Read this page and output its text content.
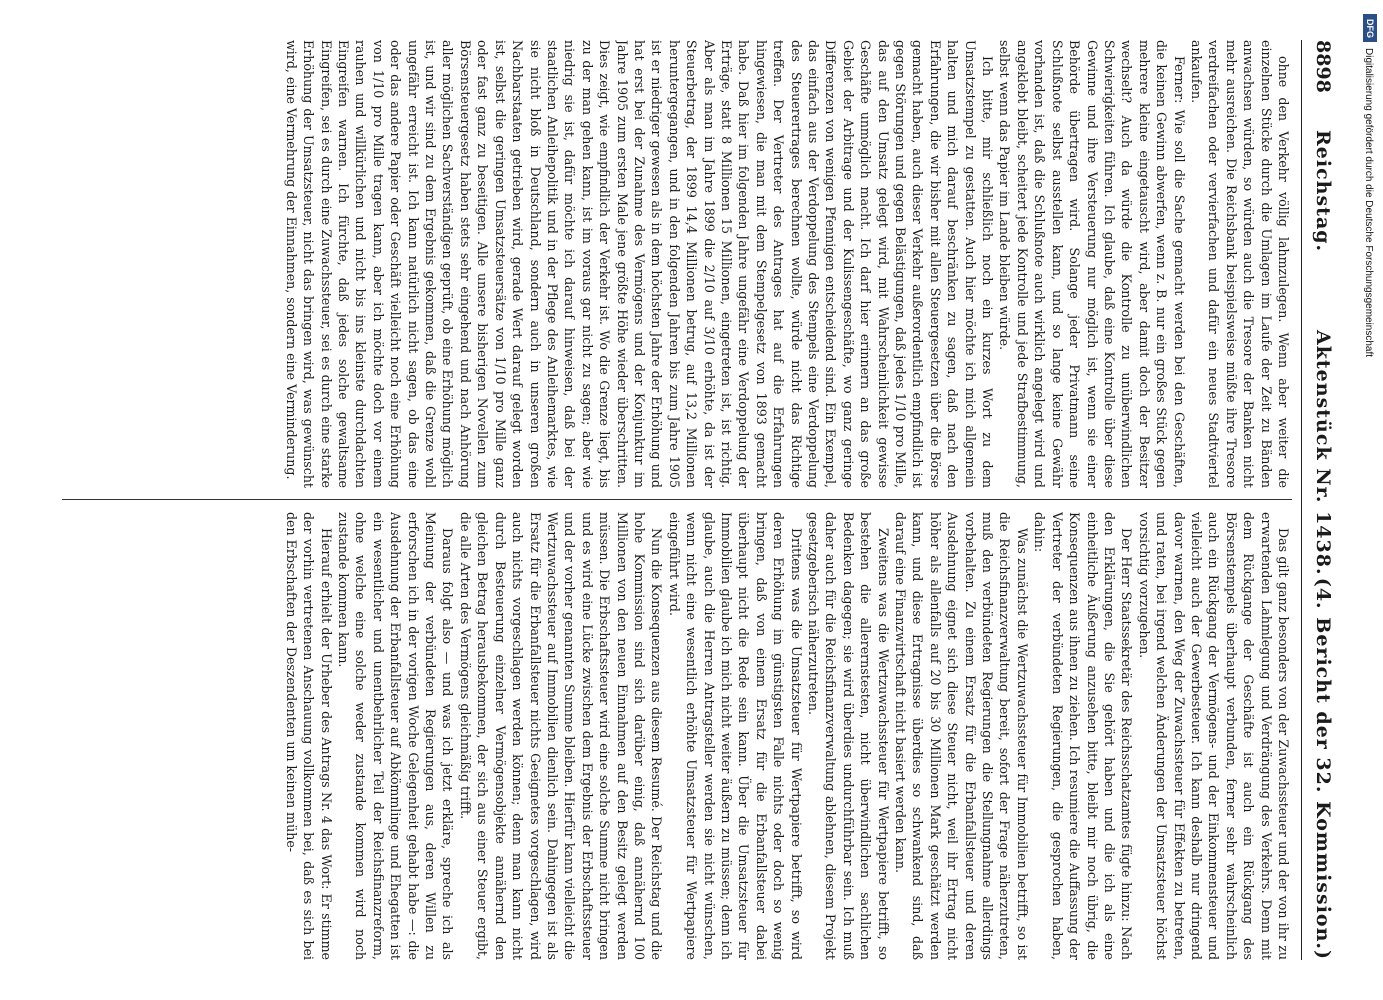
8898
Reichstag.
Aktenstück Nr. 1438.
(4. Bericht der 32. Kommission.)

ohne den Verkehr völlig lahmzulegen. Wenn aber weiter die einzelnen Stücke durch die Umlagen im Laufe der Zeit zu Bänden anwachsen würden, so würden auch die Tresore der Banken nicht mehr ausreichen. Die Reichsbank beispielsweise müßte ihre Tresore verdreifachen oder vervierfachen und dafür ein neues Stadtviertel ankaufen.

Ferner: Wie soll die Sache gemacht werden bei den Geschäften, die keinen Gewinn abwerfen, wenn z. B. nur ein großes Stück gegen mehrere kleine eingetauscht wird, aber damit doch der Besitzer wechselt? Auch da würde die Kontrolle zu unüberwindlichen Schwierigkeiten führen. Ich glaube, daß eine Kontrolle über diese Gewinne und ihre Versteuerung nur möglich ist, wenn sie einer Behörde übertragen wird. Solange jeder Privatmann seine Schlußnote selbst ausstellen kann, und so lange keine Gewähr vorhanden ist, daß die Schlußnote auch wirklich angelegt wird und angeklebt bleibt, scheitert jede Kontrolle und jede Strafbestimmung, selbst wenn das Papier im Lande bleiben würde.

Ich bitte, mir schließlich noch ein kurzes Wort zu dem Umsatzstempel zu gestatten. Auch hier möchte ich mich allgemein halten und mich darauf beschränken zu sagen, daß nach den Erfahrungen, die wir bisher mit allen Steuergesetzen über die Börse gemacht haben, auch dieser Verkehr außerordentlich empfindlich ist gegen Störungen und gegen Belästigungen, daß jedes 1/10 pro Mille, das auf den Umsatz gelegt wird, mit Wahrscheinlichkeit gewisse Geschäfte unmöglich macht. Ich darf hier erinnern an das große Gebiet der Arbitrage und der Kulissengeschäfte, wo ganz geringe Differenzen von wenigen Pfennigen entscheidend sind. Ein Exempel, das einfach aus der Verdoppelung des Stempels eine Verdoppelung des Steuerertrages berechnen wollte, würde nicht das Richtige treffen. Der Vertreter des Antrages hat auf die Erfahrungen hingewiesen, die man mit dem Stempelgesetz von 1893 gemacht habe. Daß hier im folgenden Jahre ungefähr eine Verdoppelung der Erträge, statt 8 Millionen 15 Millionen, eingetreten ist, ist richtig. Aber als man im Jahre 1899 die 2/10 auf 3/10 erhöhte, da ist der Steuerbetrag, der 1899 14,4 Millionen betrug, auf 13,2 Millionen heruntergegangen, und in den folgenden Jahren bis zum Jahre 1905 ist er niedriger gewesen als in dem höchsten Jahre der Erhöhung und hat erst bei der Zunahme des Vermögens und der Konjunktur im Jahre 1905 zum ersten Male jene größte Höhe wieder überschritten. Dies zeigt, wie empfindlich der Verkehr ist. Wo die Grenze liegt, bis zu der man gehen kann, ist im voraus gar nicht zu sagen; aber wie niedrig sie ist, dafür möchte ich darauf hinweisen, daß bei der staatlichen Anleihepolitik und in der Pflege des Anleihemarktes, wie sie nicht bloß in Deutschland, sondern auch in unseren großen Nachbarstaaten getrieben wird, gerade Wert darauf gelegt worden ist, selbst die geringen Umsatzsteuersätze von 1/10 pro Mille ganz oder fast ganz zu beseitigen. Alle unsere bisherigen Novellen zum Börsensteuergesetz haben stets sehr eingehend und nach Anhörung aller möglichen Sachverständigen geprüft, ob eine Erhöhung möglich ist, und wir sind zu dem Ergebnis gekommen, daß die Grenze wohl ungefähr erreicht ist. Ich kann natürlich nicht sagen, ob das eine oder das andere Papier oder Geschäft vielleicht noch eine Erhöhung von 1/10 pro Mille tragen kann, aber ich möchte doch vor einem rauhen und willkürlichen und nicht bis ins kleinste durchdachten Eingreifen warnen. Ich fürchte, daß jedes solche gewaltsame Eingreifen, sei es durch eine Zuwachssteuer, sei es durch eine starke Erhöhung der Umsatzsteuer, nicht das bringen wird, was gewünscht wird, eine Vermehrung der Einnahmen, sondern eine Verminderung.

Das gilt ganz besonders von der Zuwachssteuer und der von ihr zu erwartenden Lahmlegung und Verdrängung des Verkehrs. Denn mit dem Rückgange der Geschäfte ist auch ein Rückgang des Börsenstempels überhaupt verbunden, ferner sehr wahrscheinlich auch ein Rückgang der Vermögens- und der Einkommensteuer und vielleicht auch der Gewerbesteuer. Ich kann deshalb nur dringend davor warnen, den Weg der Zuwachssteuer für Effekten zu betreten, und raten, bei irgend welchen Änderungen der Umsatzsteuer höchst vorsichtig vorzugehen.

Der Herr Staatssekretär des Reichsschatzamtes fügte hinzu: Nach den Erklärungen, die Sie gehört haben und die ich als eine einheitliche Äußerung anzusehen bitte, bleibt mir noch übrig, die Konsequenzen aus ihnen zu ziehen. Ich resumiere die Auffassung der Vertreter der verbündeten Regierungen, die gesprochen haben, dahin:

Was zunächst die Wertzuwachssteuer für Immobilien betrifft, so ist die Reichsfinanzverwaltung bereit, sofort der Frage näherzutreten, muß den verbündeten Regierungen die Stellungnahme allerdings vorbehalten. Zu einem Ersatz für die Erbanfallsteuer und deren Ausdehnung eignet sich diese Steuer nicht, weil ihr Ertrag nicht höher als allenfalls auf 20 bis 30 Millionen Mark geschätzt werden kann, und diese Ertragnisse überdies so schwankend sind, daß darauf eine Finanzwirtschaft nicht basiert werden kann.

Zweitens was die Wertzuwachssteuer für Wertpapiere betrifft, so bestehen die allerernstesten, nicht überwindlichen sachlichen Bedenken dagegen; sie wird überdies undurchführbar sein. Ich muß daher auch für die Reichsfinanzverwaltung ablehnen, diesem Projekt gesetzgeberisch näherzutreten.

Drittens was die Umsatzsteuer für Wertpapiere betrifft, so wird deren Erhöhung im günstigsten Falle nichts oder doch so wenig bringen, daß von einem Ersatz für die Erbanfallsteuer dabei überhaupt nicht die Rede sein kann. Über die Umsatzsteuer für Immobilien glaube ich mich nicht weiter äußern zu müssen; denn ich glaube, auch die Herren Antragsteller werden sie nicht wünschen, wenn nicht eine wesentlich erhöhte Umsatzsteuer für Wertpapiere eingeführt wird.

Nun die Konsequenzen aus diesem Resumé. Der Reichstag und die hohe Kommission sind sich darüber einig, daß annähernd 100 Millionen von den neuen Einnahmen auf den Besitz gelegt werden müssen. Die Erbschaftssteuer wird eine solche Summe nicht bringen und es wird eine Lücke zwischen dem Ergebnis der Erbschaftssteuer und der vorher genannten Summe bleiben. Hierfür kann vielleicht die Wertzuwachssteuer auf Immobilien dienlich sein. Dahingegen ist als Ersatz für die Erbanfallsteuer nichts Geeignetes vorgeschlagen, wird auch nichts vorgeschlagen werden können; denn man kann nicht durch Besteuerung einzelner Vermögensobjekte annähernd den gleichen Betrag herausbekommen, der sich aus einer Steuer ergibt, die alle Arten des Vermögens gleichmäßig trifft.

Daraus folgt also — und was ich jetzt erkläre, spreche ich als Meinung der verbündeten Regierungen aus, deren Willen zu erforschen ich in der vorigen Woche Gelegenheit gehabt habe —: die Ausdehnung der Erbanfallsteuer auf Abkömmlinge und Ehegatten ist ein wesentlicher und unentbehrlicher Teil der Reichsfinanzreform, ohne welche eine solche weder zustande kommen wird noch zustande kommen kann.

Hierauf erhielt der Urheber des Antrags Nr. 4 das Wort: Er stimme der vorhin vertretenen Anschauung vollkommen bei, daß es sich bei den Erbschaften der Deszendenten um keinen mühe-

DFG
Digitalisierung gefördert durch die Deutsche Forschungsgemeinschaft
